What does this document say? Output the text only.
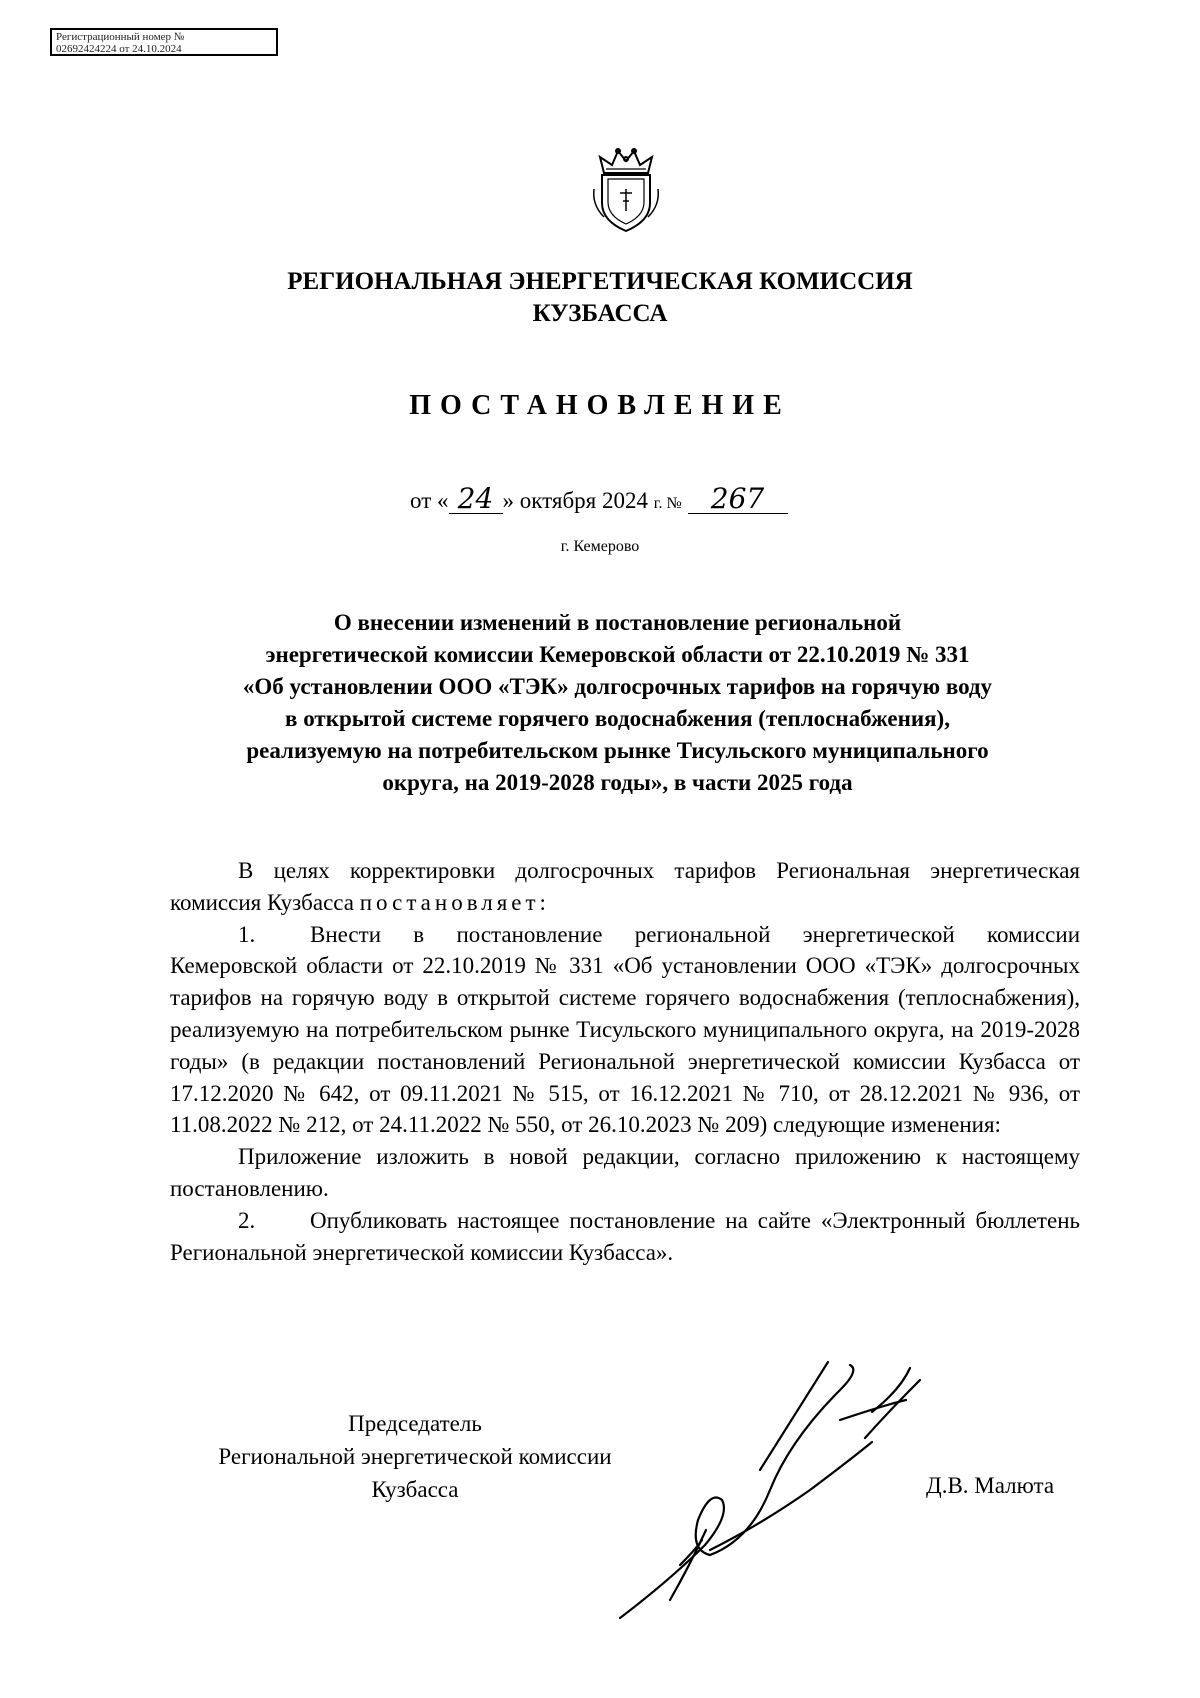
Регистрационный номер №
02692424224 от 24.10.2024
РЕГИОНАЛЬНАЯ ЭНЕРГЕТИЧЕСКАЯ КОМИССИЯ
КУЗБАССА
ПОСТАНОВЛЕНИЕ
от « 24 » октября 2024 г. № 267
г. Кемерово
О внесении изменений в постановление региональной
энергетической комиссии Кемеровской области от 22.10.2019 № 331
«Об установлении ООО «ТЭК» долгосрочных тарифов на горячую воду
в открытой системе горячего водоснабжения (теплоснабжения),
реализуемую на потребительском рынке Тисульского муниципального
округа, на 2019-2028 годы», в части 2025 года

В целях корректировки долгосрочных тарифов Региональная энергетическая комиссия Кузбасса постановляет:

1. Внести в постановление региональной энергетической комиссии Кемеровской области от 22.10.2019 № 331 «Об установлении ООО «ТЭК» долгосрочных тарифов на горячую воду в открытой системе горячего водоснабжения (теплоснабжения), реализуемую на потребительском рынке Тисульского муниципального округа, на 2019-2028 годы» (в редакции постановлений Региональной энергетической комиссии Кузбасса от 17.12.2020 № 642, от 09.11.2021 № 515, от 16.12.2021 № 710, от 28.12.2021 № 936, от 11.08.2022 № 212, от 24.11.2022 № 550, от 26.10.2023 № 209) следующие изменения:

Приложение изложить в новой редакции, согласно приложению к настоящему постановлению.

2. Опубликовать настоящее постановление на сайте «Электронный бюллетень Региональной энергетической комиссии Кузбасса».

Председатель
Региональной энергетической комиссии
Кузбасса	Д.В. Малюта
